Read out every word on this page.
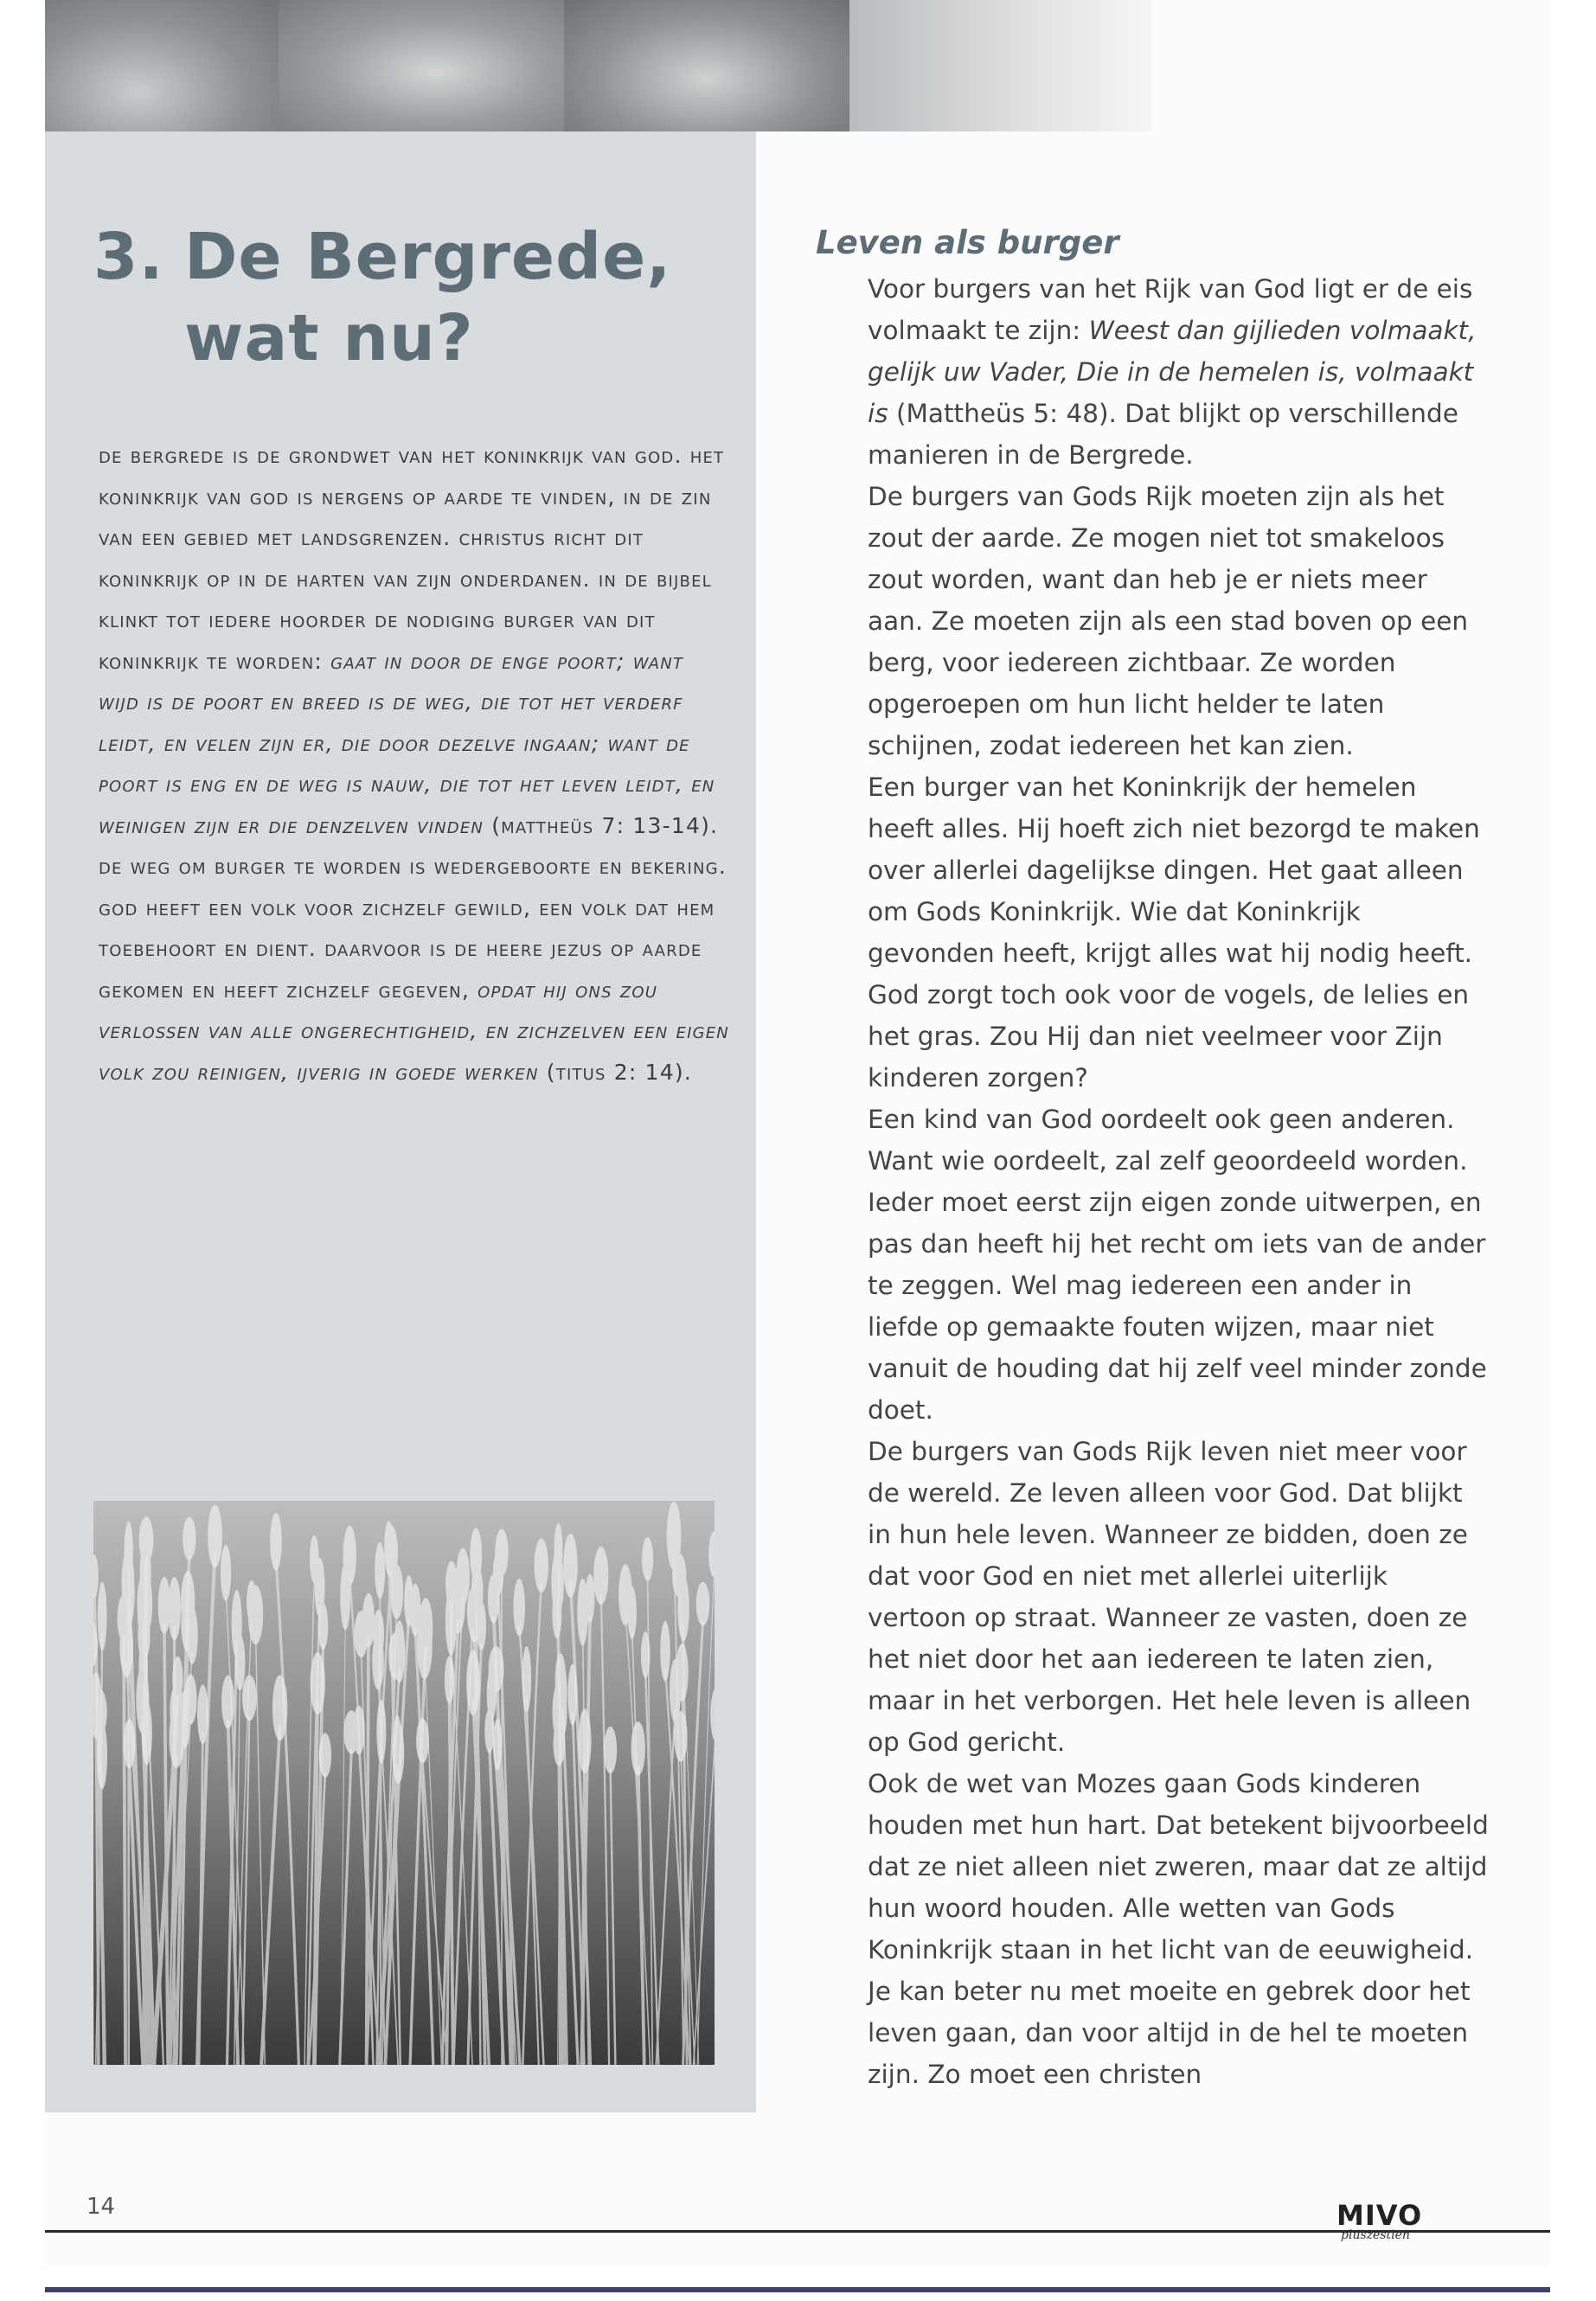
3. De Bergrede,
wat nu?
de bergrede is de grondwet van het koninkrijk van god. het koninkrijk van god is nergens op aarde te vinden, in de zin van een gebied met landsgrenzen. christus richt dit koninkrijk op in de harten van zijn onderdanen. in de bijbel klinkt tot iedere hoorder de nodiging burger van dit koninkrijk te worden: gaat in door de enge poort; want wijd is de poort en breed is de weg, die tot het verderf leidt, en velen zijn er, die door dezelve ingaan; want de poort is eng en de weg is nauw, die tot het leven leidt, en weinigen zijn er die denzelven vinden (mattheüs 7: 13-14). de weg om burger te worden is wedergeboorte en bekering. god heeft een volk voor zichzelf gewild, een volk dat hem toebehoort en dient. daarvoor is de heere jezus op aarde gekomen en heeft zichzelf gegeven, opdat hij ons zou verlossen van alle ongerechtigheid, en zichzelven een eigen volk zou reinigen, ijverig in goede werken (titus 2: 14).
Leven als burger

Voor burgers van het Rijk van God ligt er de eis volmaakt te zijn: Weest dan gijlieden volmaakt, gelijk uw Vader, Die in de hemelen is, volmaakt is (Mattheüs 5: 48). Dat blijkt op verschillende manieren in de Bergrede.

De burgers van Gods Rijk moeten zijn als het zout der aarde. Ze mogen niet tot smakeloos zout worden, want dan heb je er niets meer aan. Ze moeten zijn als een stad boven op een berg, voor iedereen zichtbaar. Ze worden opgeroepen om hun licht helder te laten schijnen, zodat iedereen het kan zien.

Een burger van het Koninkrijk der hemelen heeft alles. Hij hoeft zich niet bezorgd te maken over allerlei dagelijkse dingen. Het gaat alleen om Gods Koninkrijk. Wie dat Koninkrijk gevonden heeft, krijgt alles wat hij nodig heeft. God zorgt toch ook voor de vogels, de lelies en het gras. Zou Hij dan niet veelmeer voor Zijn kinderen zorgen?

Een kind van God oordeelt ook geen anderen. Want wie oordeelt, zal zelf geoordeeld worden. Ieder moet eerst zijn eigen zonde uitwerpen, en pas dan heeft hij het recht om iets van de ander te zeggen. Wel mag iedereen een ander in liefde op gemaakte fouten wijzen, maar niet vanuit de houding dat hij zelf veel minder zonde doet.

De burgers van Gods Rijk leven niet meer voor de wereld. Ze leven alleen voor God. Dat blijkt in hun hele leven. Wanneer ze bidden, doen ze dat voor God en niet met allerlei uiterlijk vertoon op straat. Wanneer ze vasten, doen ze het niet door het aan iedereen te laten zien, maar in het verborgen. Het hele leven is alleen op God gericht.

Ook de wet van Mozes gaan Gods kinderen houden met hun hart. Dat betekent bijvoorbeeld dat ze niet alleen niet zweren, maar dat ze altijd hun woord houden. Alle wetten van Gods Koninkrijk staan in het licht van de eeuwigheid. Je kan beter nu met moeite en gebrek door het leven gaan, dan voor altijd in de hel te moeten zijn. Zo moet een christen

14	MIVO
pluszestien
